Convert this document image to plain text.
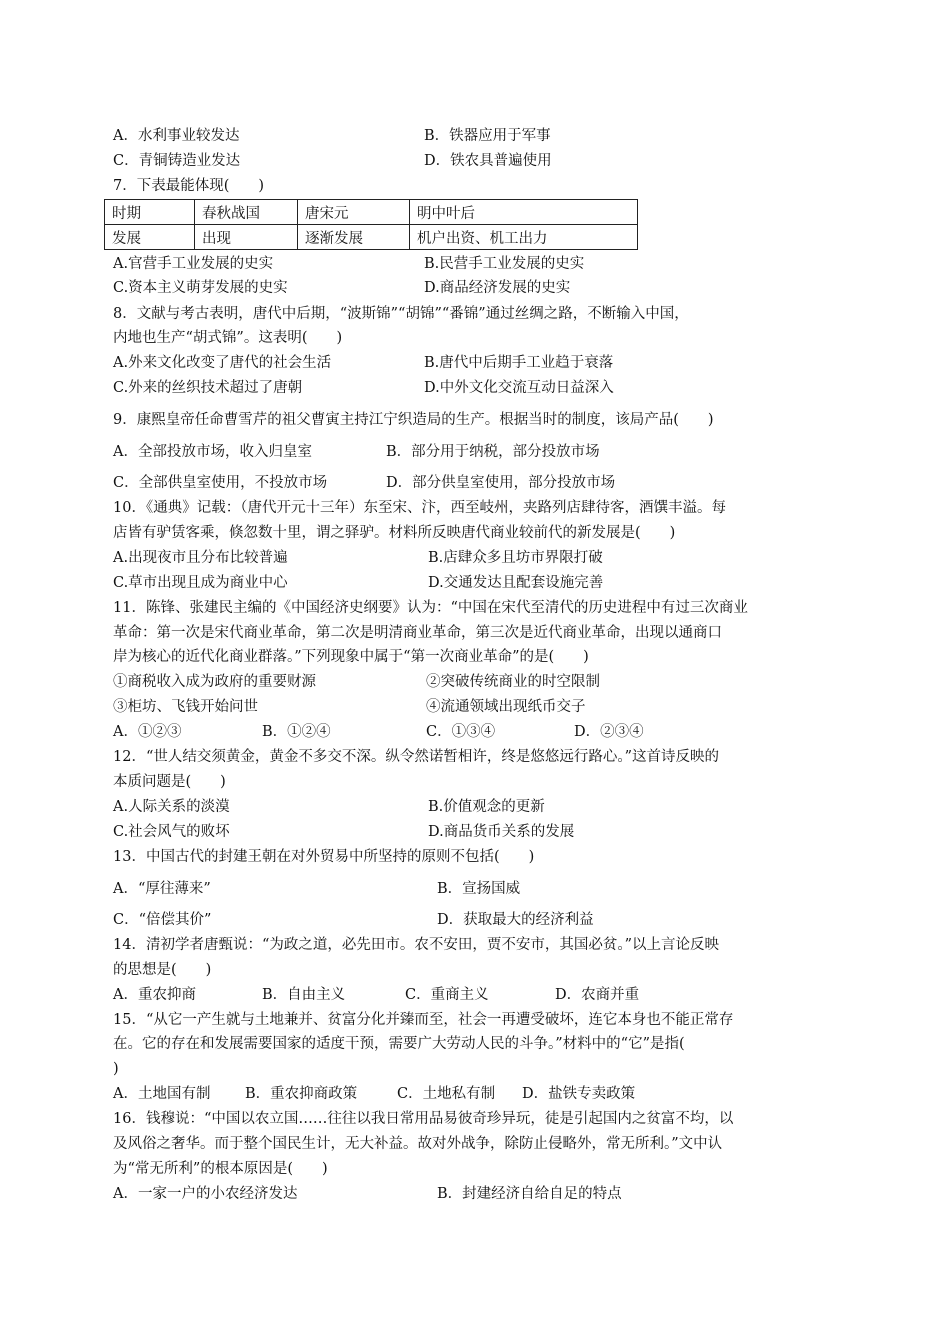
A．水利事业较发达	B．铁器应用于军事
C．青铜铸造业发达	D．铁农具普遍使用
7．下表最能体现(　　)
时期	春秋战国	唐宋元	明中叶后
发展	出现	逐渐发展	机户出资、机工出力
A.官营手工业发展的史实	B.民营手工业发展的史实
C.资本主义萌芽发展的史实	D.商品经济发展的史实
8．文献与考古表明，唐代中后期，“波斯锦”“胡锦”“番锦”通过丝绸之路，不断输入中国，
内地也生产“胡式锦”。这表明(　　)
A.外来文化改变了唐代的社会生活	B.唐代中后期手工业趋于衰落
C.外来的丝织技术超过了唐朝	D.中外文化交流互动日益深入
9．康熙皇帝任命曹雪芹的祖父曹寅主持江宁织造局的生产。根据当时的制度，该局产品(　　)
A．全部投放市场，收入归皇室	B．部分用于纳税，部分投放市场
C．全部供皇室使用，不投放市场	D．部分供皇室使用，部分投放市场
10．《通典》记载：（唐代开元十三年）东至宋、汴，西至岐州，夹路列店肆待客，酒馔丰溢。每
店皆有驴赁客乘，倏忽数十里，谓之驿驴。材料所反映唐代商业较前代的新发展是(　　)
A.出现夜市且分布比较普遍	B.店肆众多且坊市界限打破
C.草市出现且成为商业中心	D.交通发达且配套设施完善
11．陈锋、张建民主编的《中国经济史纲要》认为：“中国在宋代至清代的历史进程中有过三次商业
革命：第一次是宋代商业革命，第二次是明清商业革命，第三次是近代商业革命，出现以通商口
岸为核心的近代化商业群落。”下列现象中属于“第一次商业革命”的是(　　)
①商税收入成为政府的重要财源	②突破传统商业的时空限制
③柜坊、飞钱开始问世	④流通领域出现纸币交子
A．①②③	B．①②④	C．①③④	D．②③④
12．“世人结交须黄金，黄金不多交不深。纵令然诺暂相许，终是悠悠远行路心。”这首诗反映的
本质问题是(　　)
A.人际关系的淡漠	B.价值观念的更新
C.社会风气的败坏	D.商品货币关系的发展
13．中国古代的封建王朝在对外贸易中所坚持的原则不包括(　　)
A．“厚往薄来”	B．宣扬国威
C．“倍偿其价”	D．获取最大的经济利益
14．清初学者唐甄说：“为政之道，必先田市。农不安田，贾不安市，其国必贫。”以上言论反映
的思想是(　　)
A．重农抑商	B．自由主义	C．重商主义	D．农商并重
15．“从它一产生就与土地兼并、贫富分化并臻而至，社会一再遭受破坏，连它本身也不能正常存
在。它的存在和发展需要国家的适度干预，需要广大劳动人民的斗争。”材料中的“它”是指(
)
A．土地国有制 B．重农抑商政策	C．土地私有制 D．盐铁专卖政策
16．钱穆说：“中国以农立国……往往以我日常用品易彼奇珍异玩，徒是引起国内之贫富不均，以
及风俗之奢华。而于整个国民生计，无大补益。故对外战争，除防止侵略外，常无所利。”文中认
为“常无所利”的根本原因是(　　)
A．一家一户的小农经济发达	B．封建经济自给自足的特点
